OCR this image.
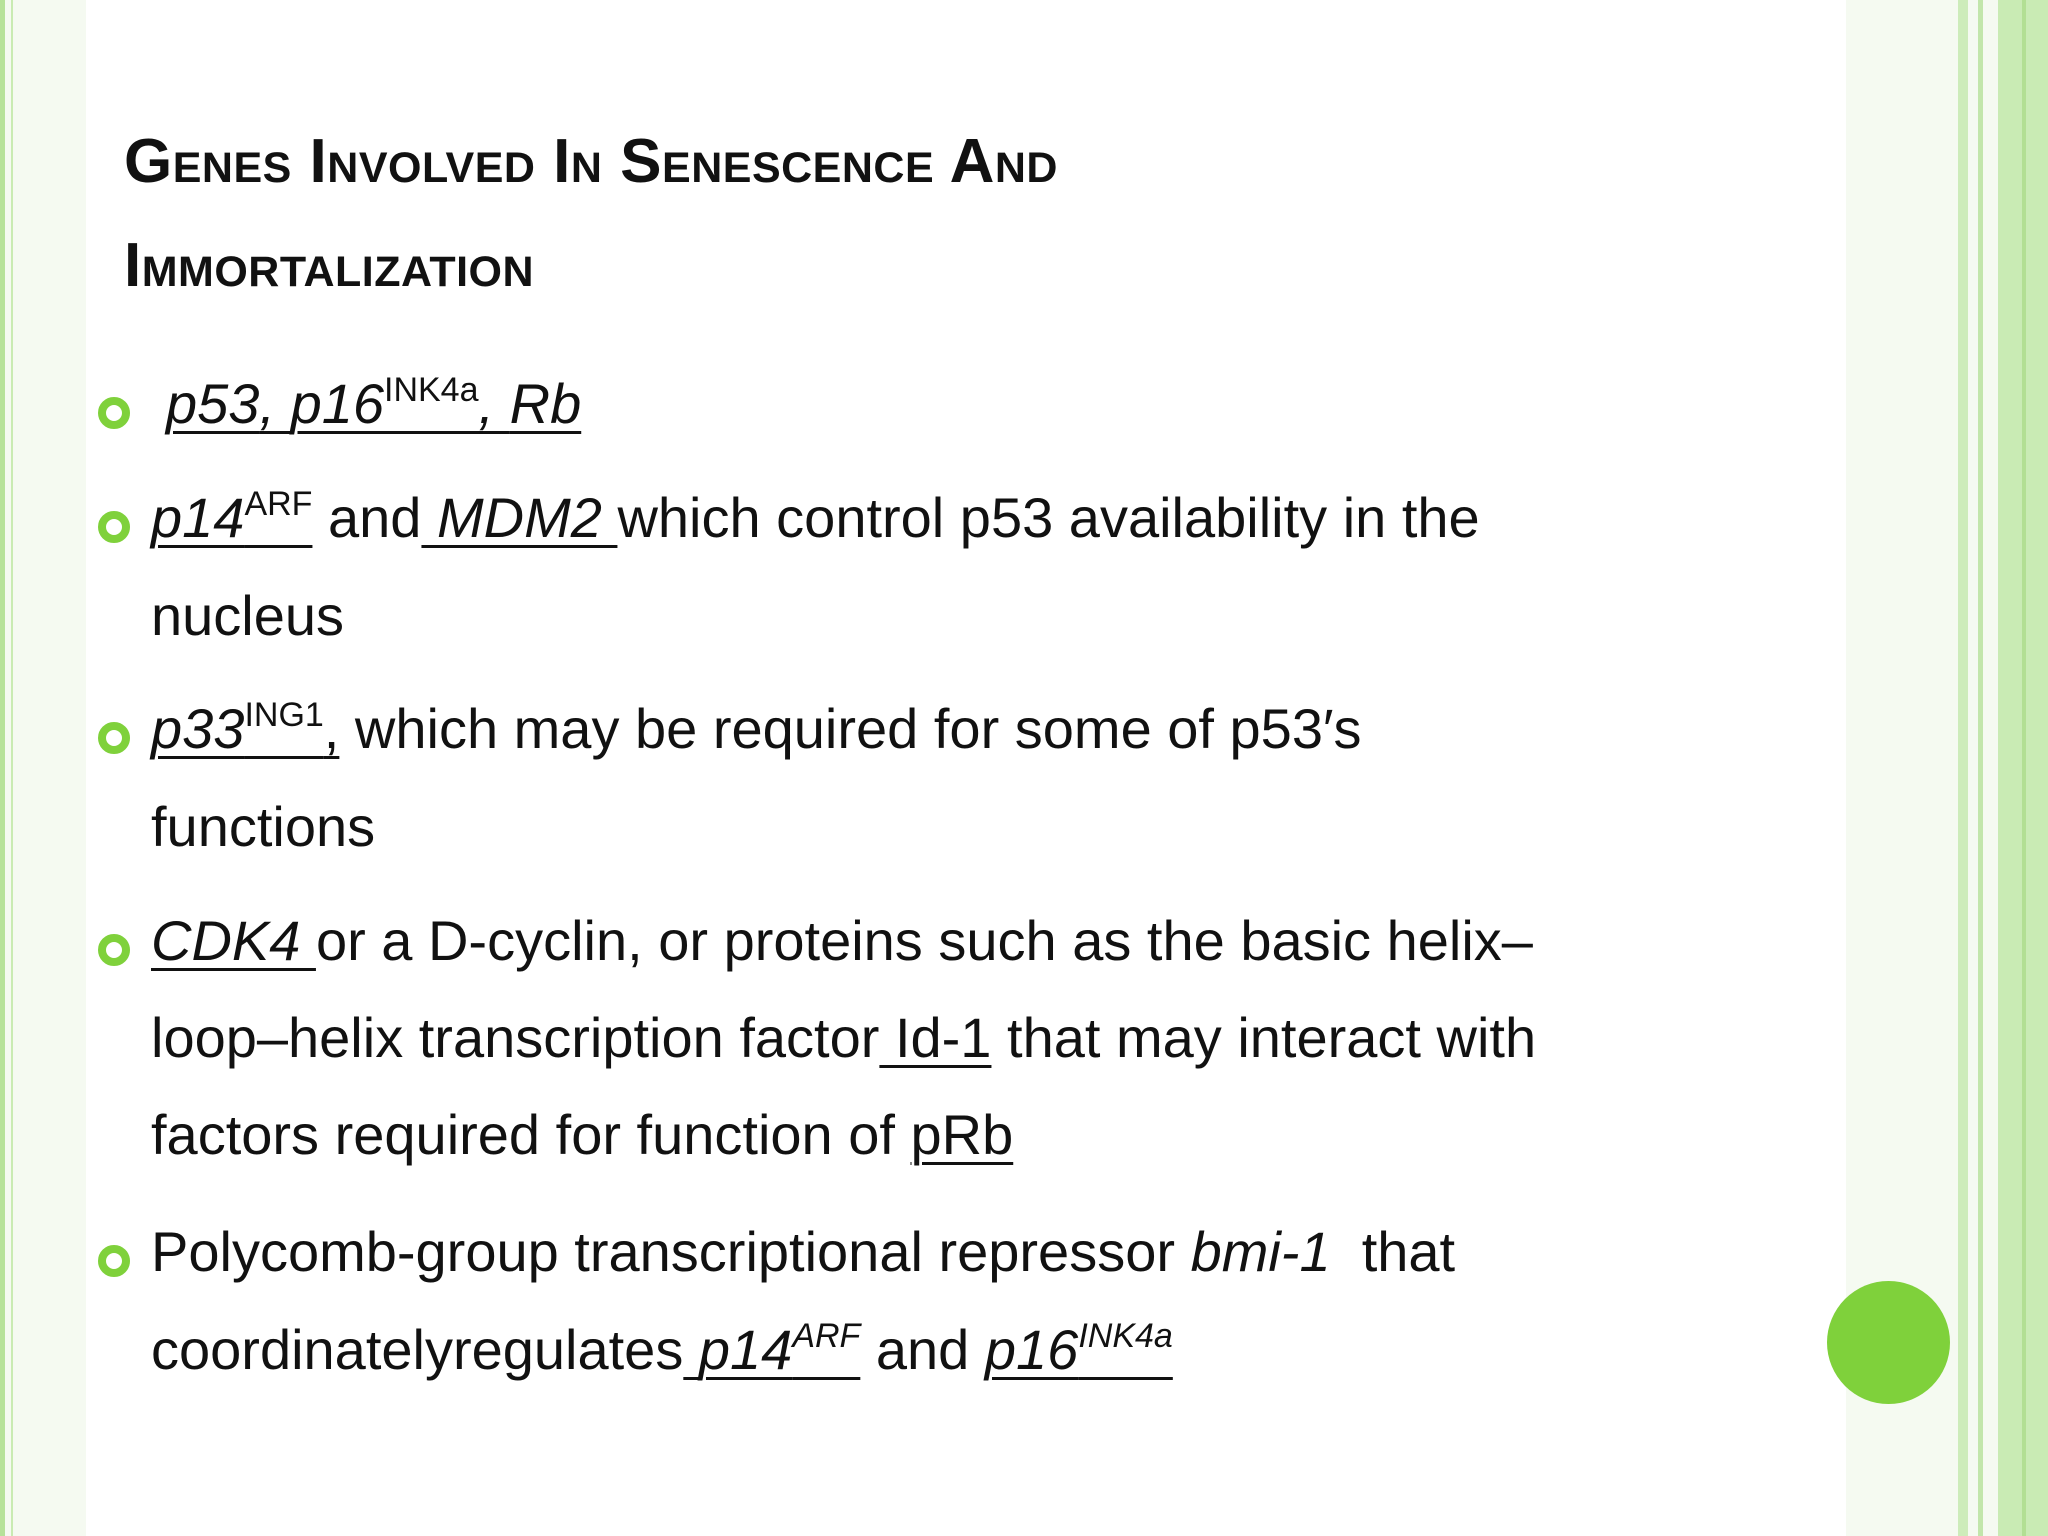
Genes Involved In Senescence And
Immortalization

p53, $p16^{INK4a}$, Rb

$p14^{ARF}$ and MDM2 which control p53 availability in the

nucleus

$p33^{ING1}$, which may be required for some of p53′s

functions

CDK4 or a D-cyclin, or proteins such as the basic helix–

loop–helix transcription factor Id-1 that may interact with

factors required for function of pRb

Polycomb-group transcriptional repressor bmi-1  that

coordinatelyregulates $p14^{ARF}$ and $p16^{INK4a}$
